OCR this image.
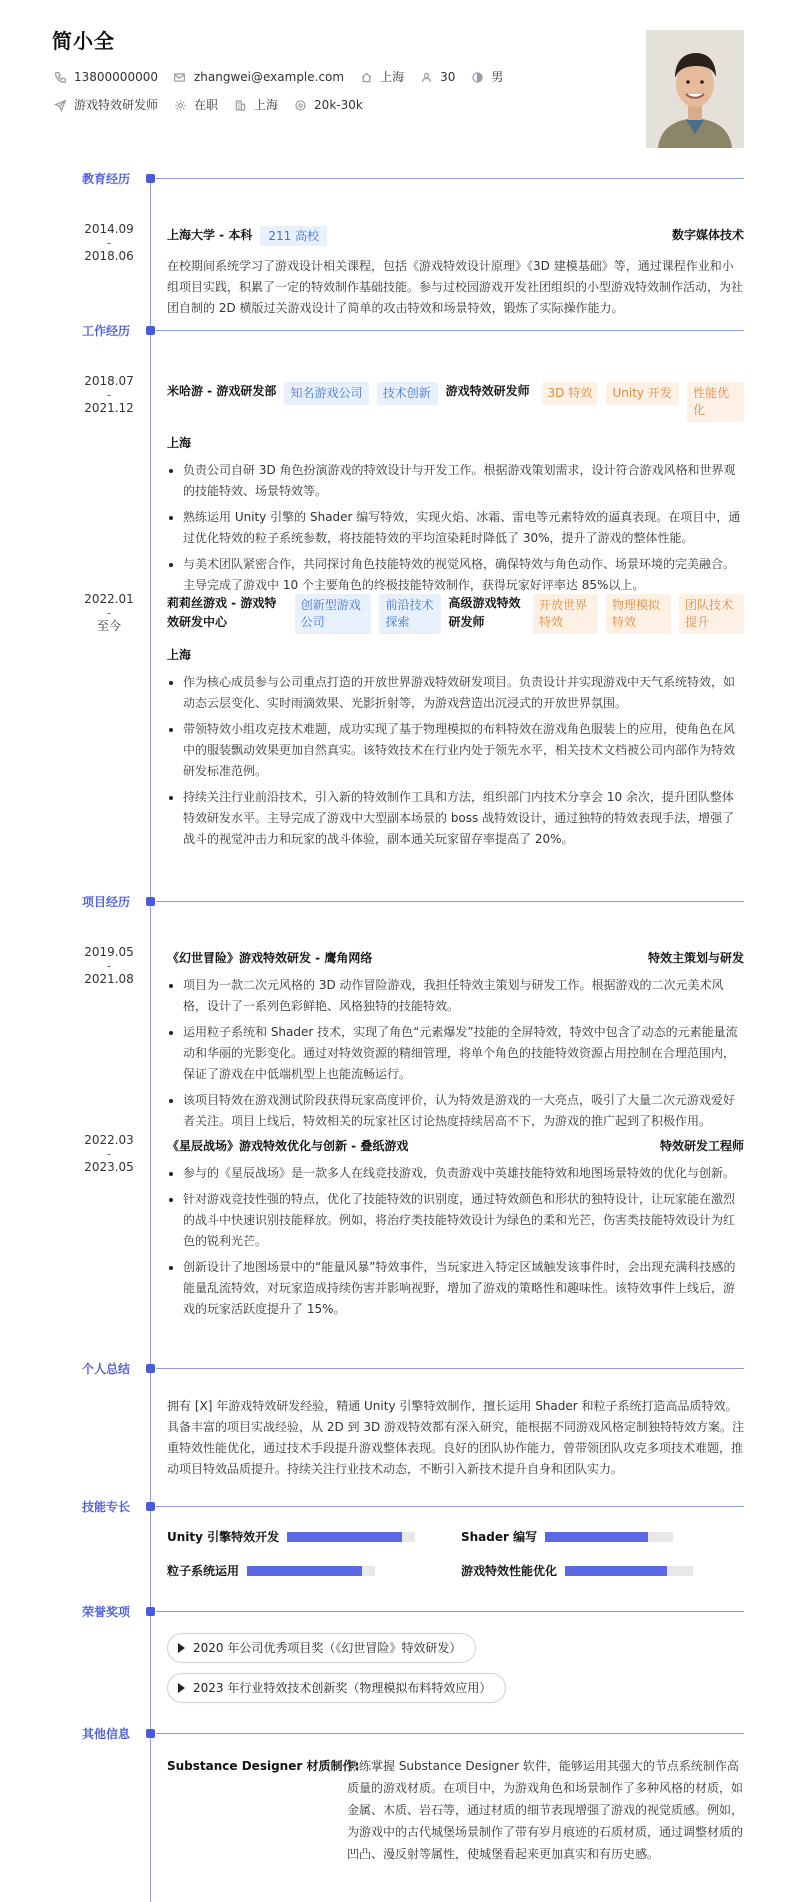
简小全
13800000000	zhangwei@example.com	上海	30	男
游戏特效研发师	在职	上海	20k-30k
教育经历
2014.09
-
2018.06
上海大学 - 本科	211 高校	数字媒体技术
在校期间系统学习了游戏设计相关课程，包括《游戏特效设计原理》《3D 建模基础》等，通过课程作业和小组项目实践，积累了一定的特效制作基础技能。参与过校园游戏开发社团组织的小型游戏特效制作活动，为社团自制的 2D 横版过关游戏设计了简单的攻击特效和场景特效，锻炼了实际操作能力。
工作经历
2018.07
-
2021.12
米哈游 - 游戏研发部	知名游戏公司	技术创新	游戏特效研发师	3D 特效	Unity 开发	性能优化
上海
负责公司自研 3D 角色扮演游戏的特效设计与开发工作。根据游戏策划需求，设计符合游戏风格和世界观的技能特效、场景特效等。
熟练运用 Unity 引擎的 Shader 编写特效，实现火焰、冰霜、雷电等元素特效的逼真表现。在项目中，通过优化特效的粒子系统参数，将技能特效的平均渲染耗时降低了 30%，提升了游戏的整体性能。
与美术团队紧密合作，共同探讨角色技能特效的视觉风格，确保特效与角色动作、场景环境的完美融合。主导完成了游戏中 10 个主要角色的终极技能特效制作，获得玩家好评率达 85%以上。
2022.01
-
至今
莉莉丝游戏 - 游戏特效研发中心
创新型游戏公司
前沿技术探索
高级游戏特效研发师
开放世界特效
物理模拟特效
团队技术提升
上海
作为核心成员参与公司重点打造的开放世界游戏特效研发项目。负责设计并实现游戏中天气系统特效，如动态云层变化、实时雨滴效果、光影折射等，为游戏营造出沉浸式的开放世界氛围。
带领特效小组攻克技术难题，成功实现了基于物理模拟的布料特效在游戏角色服装上的应用，使角色在风中的服装飘动效果更加自然真实。该特效技术在行业内处于领先水平，相关技术文档被公司内部作为特效研发标准范例。
持续关注行业前沿技术，引入新的特效制作工具和方法，组织部门内技术分享会 10 余次，提升团队整体特效研发水平。主导完成了游戏中大型副本场景的 boss 战特效设计，通过独特的特效表现手法，增强了战斗的视觉冲击力和玩家的战斗体验，副本通关玩家留存率提高了 20%。
项目经历
2019.05
-
2021.08
《幻世冒险》游戏特效研发 - 鹰角网络	特效主策划与研发
项目为一款二次元风格的 3D 动作冒险游戏，我担任特效主策划与研发工作。根据游戏的二次元美术风格，设计了一系列色彩鲜艳、风格独特的技能特效。
运用粒子系统和 Shader 技术，实现了角色“元素爆发”技能的全屏特效，特效中包含了动态的元素能量流动和华丽的光影变化。通过对特效资源的精细管理，将单个角色的技能特效资源占用控制在合理范围内，保证了游戏在中低端机型上也能流畅运行。
该项目特效在游戏测试阶段获得玩家高度评价，认为特效是游戏的一大亮点，吸引了大量二次元游戏爱好者关注。项目上线后，特效相关的玩家社区讨论热度持续居高不下，为游戏的推广起到了积极作用。
2022.03
-
2023.05
《星辰战场》游戏特效优化与创新 - 叠纸游戏	特效研发工程师
参与的《星辰战场》是一款多人在线竞技游戏，负责游戏中英雄技能特效和地图场景特效的优化与创新。
针对游戏竞技性强的特点，优化了技能特效的识别度，通过特效颜色和形状的独特设计，让玩家能在激烈的战斗中快速识别技能释放。例如，将治疗类技能特效设计为绿色的柔和光芒，伤害类技能特效设计为红色的锐利光芒。
创新设计了地图场景中的“能量风暴”特效事件，当玩家进入特定区域触发该事件时，会出现充满科技感的能量乱流特效，对玩家造成持续伤害并影响视野，增加了游戏的策略性和趣味性。该特效事件上线后，游戏的玩家活跃度提升了 15%。
个人总结
拥有 [X] 年游戏特效研发经验，精通 Unity 引擎特效制作，擅长运用 Shader 和粒子系统打造高品质特效。具备丰富的项目实战经验，从 2D 到 3D 游戏特效都有深入研究，能根据不同游戏风格定制独特特效方案。注重特效性能优化，通过技术手段提升游戏整体表现。良好的团队协作能力，曾带领团队攻克多项技术难题，推动项目特效品质提升。持续关注行业技术动态，不断引入新技术提升自身和团队实力。
技能专长
Unity 引擎特效开发	Shader 编写
粒子系统运用	游戏特效性能优化
荣誉奖项
2020 年公司优秀项目奖（《幻世冒险》特效研发）
2023 年行业特效技术创新奖（物理模拟布料特效应用）
其他信息
Substance Designer 材质制作:
熟练掌握 Substance Designer 软件，能够运用其强大的节点系统制作高质量的游戏材质。在项目中，为游戏角色和场景制作了多种风格的材质，如金属、木质、岩石等，通过材质的细节表现增强了游戏的视觉质感。例如，为游戏中的古代城堡场景制作了带有岁月痕迹的石质材质，通过调整材质的凹凸、漫反射等属性，使城堡看起来更加真实和有历史感。
